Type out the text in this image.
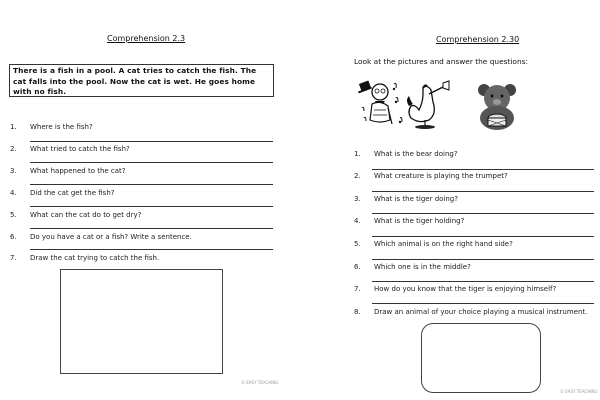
Comprehension 2.3
There is a fish in a pool. A cat tries to catch the fish. The cat falls into the pool. Now the cat is wet. He goes home with no fish.
1. Where is the fish?
2. What tried to catch the fish?
3. What happened to the cat?
4. Did the cat get the fish?
5. What can the cat do to get dry?
6. Do you have a cat or a fish? Write a sentence.
7. Draw the cat trying to catch the fish.
© EASY TEACHING
Comprehension 2.30
Look at the pictures and answer the questions:
1. What is the bear doing?
2. What creature is playing the trumpet?
3. What is the tiger doing?
4. What is the tiger holding?
5. Which animal is on the right hand side?
6. Which one is in the middle?
7. How do you know that the tiger is enjoying himself?
8. Draw an animal of your choice playing a musical instrument.
© EASY TEACHING
